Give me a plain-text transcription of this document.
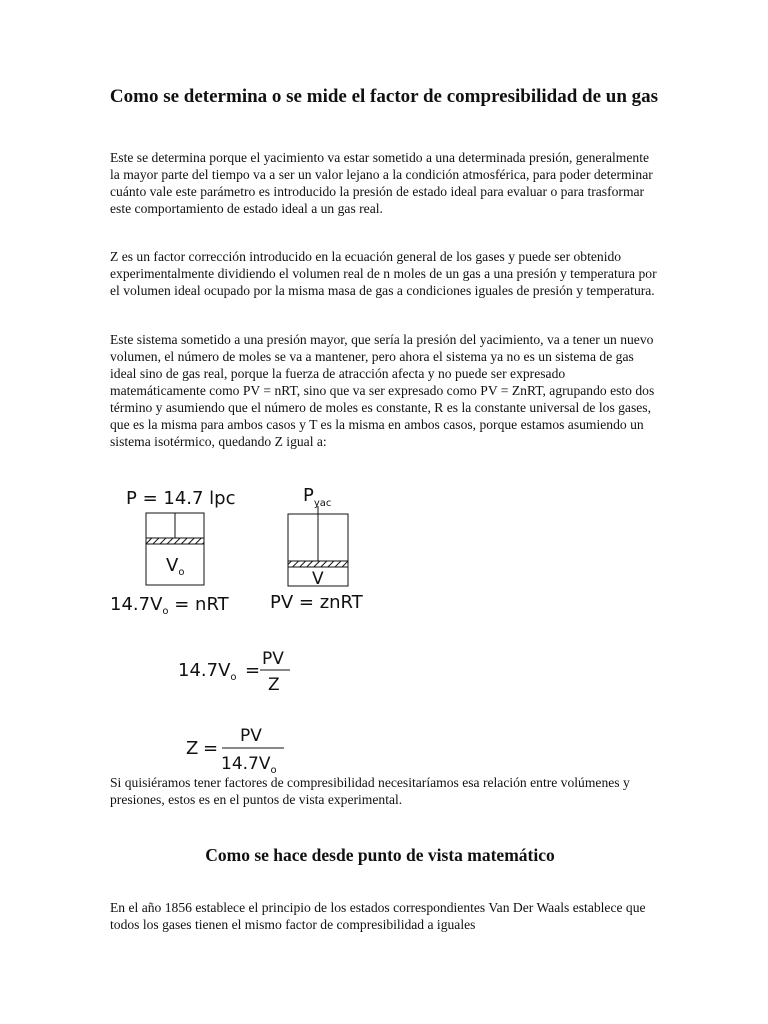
Como se determina o se mide el factor de compresibilidad de un gas

Este se determina porque el yacimiento va estar sometido a una determinada presión, generalmente la mayor parte del tiempo va a ser un valor lejano a la condición atmosférica, para poder determinar cuánto vale este parámetro es introducido la presión de estado ideal para evaluar o para trasformar este comportamiento de estado ideal a un gas real.

Z es un factor corrección introducido en la ecuación general de los gases y puede ser obtenido experimentalmente dividiendo el volumen real de n moles de un gas a una presión y temperatura por el volumen ideal ocupado por la misma masa de gas a condiciones iguales de presión y temperatura.

Este sistema sometido a una presión mayor, que sería la presión del yacimiento, va a tener un nuevo volumen, el número de moles se va a mantener, pero ahora el sistema ya no es un sistema de gas ideal sino de gas real, porque la fuerza de atracción afecta y no puede ser expresado matemáticamente como PV = nRT, sino que va ser expresado como PV = ZnRT, agrupando esto dos término y asumiendo que el número de moles es constante, R es la constante universal de los gases, que es la misma para ambos casos y T es la misma en ambos casos, porque estamos asumiendo un sistema isotérmico, quedando Z igual a:

P = 14.7 lpc
$V_o$
$14.7V_o$ = nRT
$P_{yac}$
V
PV = znRT
$14.7V_o$ =
PV
Z
Z =
PV
$14.7V_o$

Si quisiéramos tener factores de compresibilidad necesitaríamos esa relación entre volúmenes y presiones, estos es en el puntos de vista experimental.

Como se hace desde punto de vista matemático

En el año 1856 establece el principio de los estados correspondientes Van Der Waals establece que todos los gases tienen el mismo factor de compresibilidad a iguales
